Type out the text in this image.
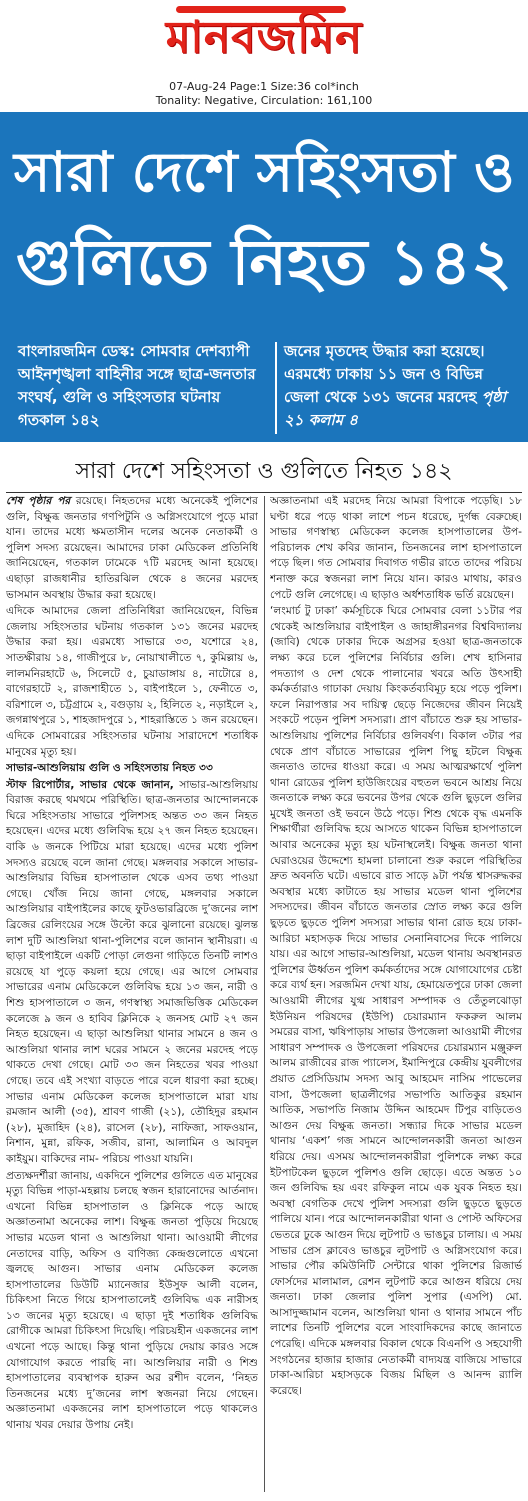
মানবজমিন
07-Aug-24 Page:1 Size:36 col*inch
Tonality: Negative, Circulation: 161,100
সারা দেশে সহিংসতা ও
গুলিতে নিহত ১৪২
বাংলারজমিন ডেস্ক: সোমবার দেশব্যাপী আইনশৃঙ্খলা বাহিনীর সঙ্গে ছাত্র-জনতার সংঘর্ষ, গুলি ও সহিংসতার ঘটনায় গতকাল ১৪২
জনের মৃতদেহ উদ্ধার করা হয়েছে। এরমধ্যে ঢাকায় ১১ জন ও বিভিন্ন জেলা থেকে ১৩১ জনের মরদেহ পৃষ্ঠা ২১ কলাম ৪
সারা দেশে সহিংসতা ও গুলিতে নিহত ১৪২

শেষ পৃষ্ঠার পর রয়েছে। নিহতদের মধ্যে অনেকেই পুলিশের গুলি, বিক্ষুব্ধ জনতার গণপিটুনি ও অগ্নিসংযোগে পুড়ে মারা যান। তাদের মধ্যে ক্ষমতাসীন দলের অনেক নেতাকর্মী ও পুলিশ সদস্য রয়েছেন। আমাদের ঢাকা মেডিকেল প্রতিনিধি জানিয়েছেন, গতকাল ঢামেকে ৭টি মরদেহ আনা হয়েছে। এছাড়া রাজধানীর হাতিরঝিল থেকে ৪ জনের মরদেহ ভাসমান অবস্থায় উদ্ধার করা হয়েছে।

এদিকে আমাদের জেলা প্রতিনিধিরা জানিয়েছেন, বিভিন্ন জেলায় সহিংসতার ঘটনায় গতকাল ১৩১ জনের মরদেহ উদ্ধার করা হয়। এরমধ্যে সাভারে ৩৩, যশোরে ২৪, সাতক্ষীরায় ১৪, গাজীপুরে ৮, নোয়াখালীতে ৭, কুমিল্লায় ৬, লালমনিরহাটে ৬, সিলেটে ৫, চুয়াডাঙ্গায় ৪, নাটোরে ৪, বাগেরহাটে ২, রাজশাহীতে ১, বাইপাইলে ১, ফেনীতে ৩, বরিশালে ৩, চট্টগ্রামে ২, বগুড়ায় ২, হিলিতে ২, নড়াইলে ২, জগন্নাথপুরে ১, শাহজাদপুরে ১, শাহরাস্তিতে ১ জন রয়েছেন। এদিকে সোমবারের সহিংসতার ঘটনায় সারাদেশে শতাধিক মানুষের মৃত্যু হয়।

সাভার-আশুলিয়ায় গুলি ও সহিংসতায় নিহত ৩৩

স্টাফ রিপোর্টার, সাভার থেকে জানান, সাভার-আশুলিয়ায় বিরাজ করছে থমথমে পরিস্থিতি। ছাত্র-জনতার আন্দোলনকে ঘিরে সহিংসতায় সাভারে পুলিশসহ অন্তত ৩৩ জন নিহত হয়েছেন। এদের মধ্যে গুলিবিদ্ধ হয়ে ২৭ জন নিহত হয়েছেন। বাকি ৬ জনকে পিটিয়ে মারা হয়েছে। এদের মধ্যে পুলিশ সদস্যও রয়েছে বলে জানা গেছে। মঙ্গলবার সকালে সাভার-আশুলিয়ার বিভিন্ন হাসপাতাল থেকে এসব তথ্য পাওয়া গেছে। খোঁজ নিয়ে জানা গেছে, মঙ্গলবার সকালে আশুলিয়ার বাইপাইলের কাছে ফুটওভারব্রিজে দু’জনের লাশ ব্রিজের রেলিংয়ের সঙ্গে উল্টো করে ঝুলানো রয়েছে। ঝুলন্ত লাশ দুটি আশুলিয়া থানা-পুলিশের বলে জানান স্থানীয়রা। এ ছাড়া বাইপাইলে একটি পোড়া লেগুনা গাড়িতে তিনটি লাশও রয়েছে যা পুড়ে কয়লা হয়ে গেছে। এর আগে সোমবার সাভারের এনাম মেডিকেলে গুলিবিদ্ধ হয়ে ১৩ জন, নারী ও শিশু হাসপাতালে ৩ জন, গণস্বাস্থ্য সমাজভিত্তিক মেডিকেল কলেজে ৯ জন ও হাবিব ক্লিনিকে ২ জনসহ মোট ২৭ জন নিহত হয়েছেন। এ ছাড়া আশুলিয়া থানার সামনে ৪ জন ও আশুলিয়া থানার লাশ ঘরের সামনে ২ জনের মরদেহ পড়ে থাকতে দেখা গেছে। মোট ৩৩ জন নিহতের খবর পাওয়া গেছে। তবে এই সংখ্যা বাড়তে পারে বলে ধারণা করা হচ্ছে। সাভার এনাম মেডিকেল কলেজ হাসপাতালে মারা যায় রমজান আলী (৩৫), শ্রাবণ গাজী (২১), তৌহিদুর রহমান (২৮), মুজাহিদ (২৪), রাসেল (২৮), নাফিজা, সাফওয়ান, নিশান, মুন্না, রফিক, সজীব, রানা, আলামিন ও আবদুল কাইয়ুম। বাকিদের নাম- পরিচয় পাওয়া যায়নি।

প্রত্যক্ষদর্শীরা জানায়, একদিনে পুলিশের গুলিতে এত মানুষের মৃত্যু বিভিন্ন পাড়া-মহল্লায় চলছে স্বজন হারানোদের আর্তনাদ। এখনো বিভিন্ন হাসপাতাল ও ক্লিনিকে পড়ে আছে অজ্ঞাতনামা অনেকের লাশ। বিক্ষুব্ধ জনতা পুড়িয়ে দিয়েছে সাভার মডেল থানা ও আশুলিয়া থানা। আওয়ামী লীগের নেতাদের বাড়ি, অফিস ও বাণিজ্য কেন্দ্রগুলোতে এখনো জ্বলছে আগুন। সাভার এনাম মেডিকেল কলেজ হাসপাতালের ডিউটি ম্যানেজার ইউসুফ আলী বলেন, চিকিৎসা নিতে গিয়ে হাসপাতালেই গুলিবিদ্ধ এক নারীসহ ১৩ জনের মৃত্যু হয়েছে। এ ছাড়া দুই শতাধিক গুলিবিদ্ধ রোগীকে আমরা চিকিৎসা দিয়েছি। পরিচয়হীন একজনের লাশ এখনো পড়ে আছে। কিন্তু থানা পুড়িয়ে দেয়ায় কারও সঙ্গে যোগাযোগ করতে পারছি না। আশুলিয়ার নারী ও শিশু হাসপাতালের ব্যবস্থাপক হারুন অর রশীদ বলেন, ‘নিহত তিনজনের মধ্যে দু’জনের লাশ স্বজনরা নিয়ে গেছেন। অজ্ঞাতনামা একজনের লাশ হাসপাতালে পড়ে থাকলেও থানায় খবর দেয়ার উপায় নেই।

অজ্ঞাতনামা এই মরদেহ নিয়ে আমরা বিপাকে পড়েছি। ১৮ ঘণ্টা ধরে পড়ে থাকা লাশে পচন ধরেছে, দুর্গন্ধ বেরুচ্ছে। সাভার গণস্বাস্থ্য মেডিকেল কলেজ হাসপাতালের উপ-পরিচালক শেখ কবির জানান, তিনজনের লাশ হাসপাতালে পড়ে ছিল। গত সোমবার দিবাগত গভীর রাতে তাদের পরিচয় শনাক্ত করে স্বজনরা লাশ নিয়ে যান। কারও মাথায়, কারও পেটে গুলি লেগেছে। এ ছাড়াও অর্ধশতাধিক ভর্তি রয়েছেন।

‘লংমার্চ টু ঢাকা’ কর্মসূচিকে ঘিরে সোমবার বেলা ১১টার পর থেকেই আশুলিয়ার বাইপাইল ও জাহাঙ্গীরনগর বিশ্ববিদ্যালয় (জাবি) থেকে ঢাকার দিকে অগ্রসর হওয়া ছাত্র-জনতাকে লক্ষ্য করে চলে পুলিশের নির্বিচার গুলি। শেখ হাসিনার পদত্যাগ ও দেশ থেকে পালানোর খবরে অতি উৎসাহী কর্মকর্তারাও গাঢাকা দেয়ায় কিংকর্তব্যবিমূঢ় হয়ে পড়ে পুলিশ। ফলে নিরাপত্তার সব দায়িত্ব ছেড়ে নিজেদের জীবন নিয়েই সংকটে পড়েন পুলিশ সদস্যরা। প্রাণ বাঁচাতে শুরু হয় সাভার-আশুলিয়ায় পুলিশের নির্বিচার গুলিবর্ষণ। বিকাল ৩টার পর থেকে প্রাণ বাঁচাতে সাভারের পুলিশ পিছু হটলে বিক্ষুব্ধ জনতাও তাদের ধাওয়া করে। এ সময় আত্মরক্ষার্থে পুলিশ থানা রোডের পুলিশ হাউজিংয়ের বহুতল ভবনে আশ্রয় নিয়ে জনতাকে লক্ষ্য করে ভবনের উপর থেকে গুলি ছুড়লে গুলির মুখেই জনতা ওই ভবনে উঠে পড়ে। শিশু থেকে বৃদ্ধ এমনকি শিক্ষার্থীরা গুলিবিদ্ধ হয়ে আসতে থাকেন বিভিন্ন হাসপাতালে আবার অনেকের মৃত্যু হয় ঘটনাস্থলেই। বিক্ষুব্ধ জনতা থানা ঘেরাওয়ের উদ্দেশ্যে হামলা চালানো শুরু করলে পরিস্থিতির দ্রুত অবনতি ঘটে। এভাবে রাত সাড়ে ৯টা পর্যন্ত শ্বাসরুদ্ধকর অবস্থার মধ্যে কাটাতে হয় সাভার মডেল থানা পুলিশের সদস্যদের। জীবন বাঁচাতে জনতার স্রোত লক্ষ্য করে গুলি ছুড়তে ছুড়তে পুলিশ সদস্যরা সাভার থানা রোড হয়ে ঢাকা-আরিচা মহাসড়ক দিয়ে সাভার সেনানিবাসের দিকে পালিয়ে যায়। এর আগে সাভার-আশুলিয়া, মডেল থানায় অবস্থানরত পুলিশের ঊর্ধ্বতন পুলিশ কর্মকর্তাদের সঙ্গে যোগাযোগের চেষ্টা করে ব্যর্থ হন। সরজমিন দেখা যায়, হেমায়েতপুরে ঢাকা জেলা আওয়ামী লীগের যুগ্ম সাধারণ সম্পাদক ও তেঁতুলঝোড়া ইউনিয়ন পরিষদের (ইউপি) চেয়ারম্যান ফকরুল আলম সমরের বাসা, ঋষিপাড়ায় সাভার উপজেলা আওয়ামী লীগের সাধারণ সম্পাদক ও উপজেলা পরিষদের চেয়ারম্যান মঞ্জুরুল আলম রাজীবের রাজ প্যালেস, ইমান্দিপুরে কেন্দ্রীয় যুবলীগের প্রয়াত প্রেসিডিয়াম সদস্য আবু আহমেদ নাসিম পাভেলের বাসা, উপজেলা ছাত্রলীগের সভাপতি আতিকুর রহমান আতিক, সভাপতি নিজাম উদ্দিন আহমেদ টিপুর বাড়িতেও আগুন দেয় বিক্ষুব্ধ জনতা। সন্ধ্যার দিকে সাভার মডেল থানায় ‘একশ’ গজ সামনে আন্দোলনকারী জনতা আগুন ধরিয়ে দেয়। এসময় আন্দোলনকারীরা পুলিশকে লক্ষ্য করে ইটপাটকেল ছুড়লে পুলিশও গুলি ছোড়ে। এতে অন্তত ১০ জন গুলিবিদ্ধ হয় এবং রফিকুল নামে এক যুবক নিহত হয়। অবস্থা বেগতিক দেখে পুলিশ সদস্যরা গুলি ছুড়তে ছুড়তে পালিয়ে যান। পরে আন্দোলনকারীরা থানা ও পোস্ট অফিসের ভেতরে ঢুকে আগুন দিয়ে লুটপাট ও ভাঙচুর চালায়। এ সময় সাভার প্রেস ক্লাবেও ভাঙচুর লুটপাট ও অগ্নিসংযোগ করে। সাভার পৌর কমিউনিটি সেন্টারে থাকা পুলিশের রিজার্ভ ফোর্সদের মালামাল, রেশন লুটপাট করে আগুন ধরিয়ে দেয় জনতা। ঢাকা জেলার পুলিশ সুপার (এসপি) মো. আসাদুজ্জামান বলেন, আশুলিয়া থানা ও থানার সামনে পাঁচ লাশের তিনটি পুলিশের বলে সাংবাদিকদের কাছে জানাতে পেরেছি। এদিকে মঙ্গলবার বিকাল থেকে বিএনপি ও সহযোগী সংগঠনের হাজার হাজার নেতাকর্মী বাদ্যযন্ত্র বাজিয়ে সাভারে ঢাকা-আরিচা মহাসড়কে বিজয় মিছিল ও আনন্দ র‌্যালি করেছে।
